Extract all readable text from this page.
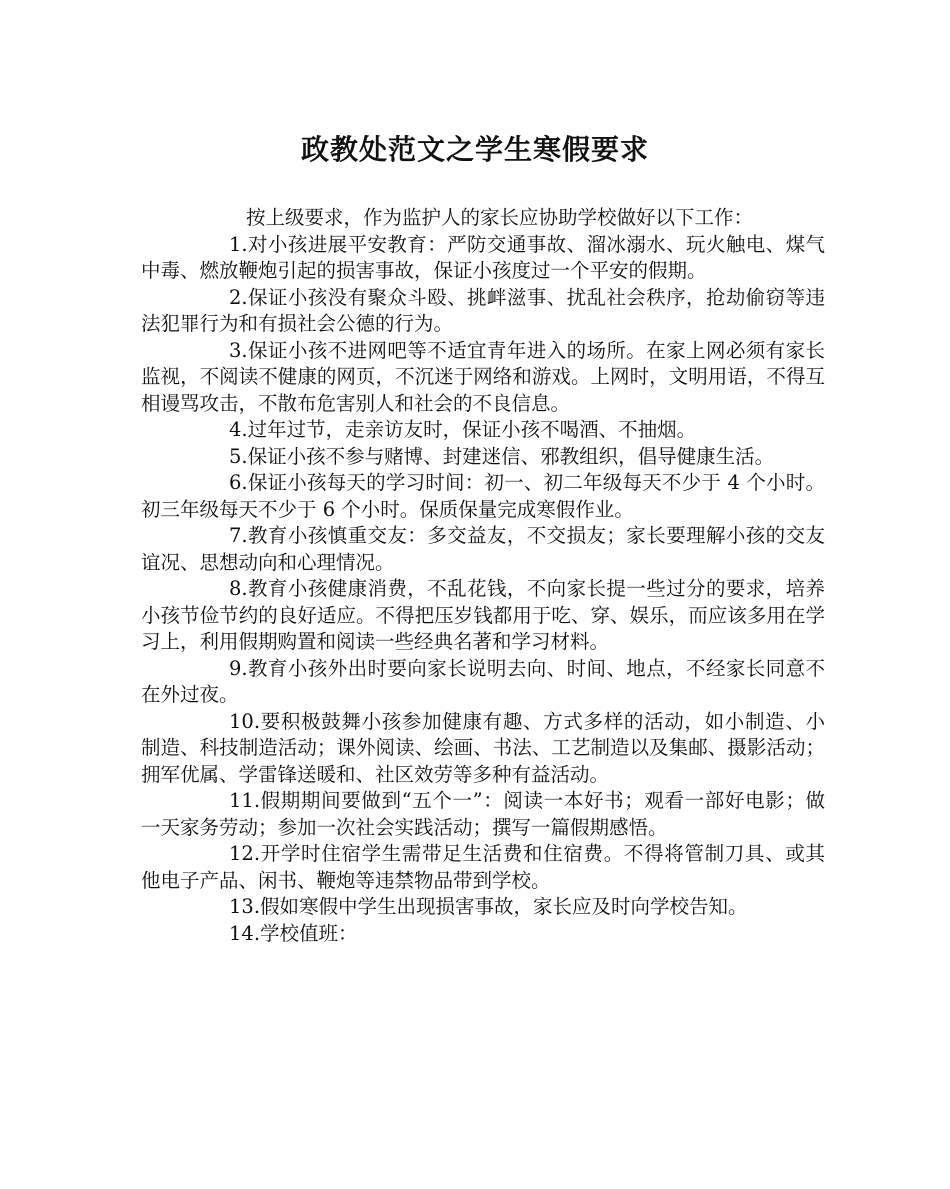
政教处范文之学生寒假要求

按上级要求，作为监护人的家长应协助学校做好以下工作：

1.对小孩进展平安教育：严防交通事故、溜冰溺水、玩火触电、煤气中毒、燃放鞭炮引起的损害事故，保证小孩度过一个平安的假期。

2.保证小孩没有聚众斗殴、挑衅滋事、扰乱社会秩序，抢劫偷窃等违法犯罪行为和有损社会公德的行为。

3.保证小孩不进网吧等不适宜青年进入的场所。在家上网必须有家长监视，不阅读不健康的网页，不沉迷于网络和游戏。上网时，文明用语，不得互相谩骂攻击，不散布危害别人和社会的不良信息。

4.过年过节，走亲访友时，保证小孩不喝酒、不抽烟。

5.保证小孩不参与赌博、封建迷信、邪教组织，倡导健康生活。

6.保证小孩每天的学习时间：初一、初二年级每天不少于 4 个小时。初三年级每天不少于 6 个小时。保质保量完成寒假作业。

7.教育小孩慎重交友：多交益友，不交损友；家长要理解小孩的交友谊况、思想动向和心理情况。

8.教育小孩健康消费，不乱花钱，不向家长提一些过分的要求，培养小孩节俭节约的良好适应。不得把压岁钱都用于吃、穿、娱乐，而应该多用在学习上，利用假期购置和阅读一些经典名著和学习材料。

9.教育小孩外出时要向家长说明去向、时间、地点，不经家长同意不在外过夜。

10.要积极鼓舞小孩参加健康有趣、方式多样的活动，如小制造、小制造、科技制造活动；课外阅读、绘画、书法、工艺制造以及集邮、摄影活动；拥军优属、学雷锋送暖和、社区效劳等多种有益活动。

11.假期期间要做到“五个一”：阅读一本好书；观看一部好电影；做一天家务劳动；参加一次社会实践活动；撰写一篇假期感悟。

12.开学时住宿学生需带足生活费和住宿费。不得将管制刀具、或其他电子产品、闲书、鞭炮等违禁物品带到学校。

13.假如寒假中学生出现损害事故，家长应及时向学校告知。

14.学校值班：
